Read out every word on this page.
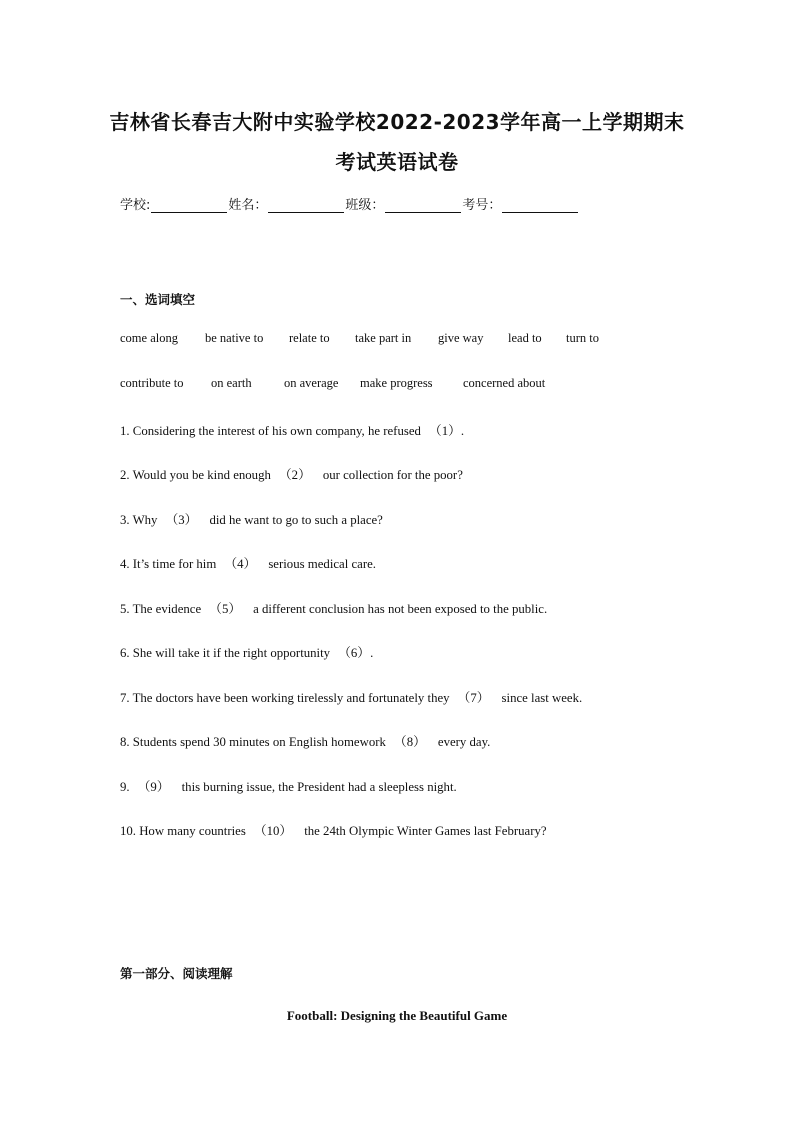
吉林省长春吉大附中实验学校2022-2023学年高一上学期期末
考试英语试卷
学校:	姓名：	班级：	考号：
一、选词填空
come along be native to relate to take part in give way lead to turn to
contribute to on earth	on average make progress concerned about
1. Considering the interest of his own company, he refused （1）.
2. Would you be kind enough （2） our collection for the poor?
3. Why （3） did he want to go to such a place?
4. It’s time for him （4） serious medical care.
5. The evidence （5） a different conclusion has not been exposed to the public.
6. She will take it if the right opportunity （6）.
7. The doctors have been working tirelessly and fortunately they （7） since last week.
8. Students spend 30 minutes on English homework （8） every day.
9. （9） this burning issue, the President had a sleepless night.
10. How many countries （10） the 24th Olympic Winter Games last February?
第一部分、阅读理解
Football: Designing the Beautiful Game
